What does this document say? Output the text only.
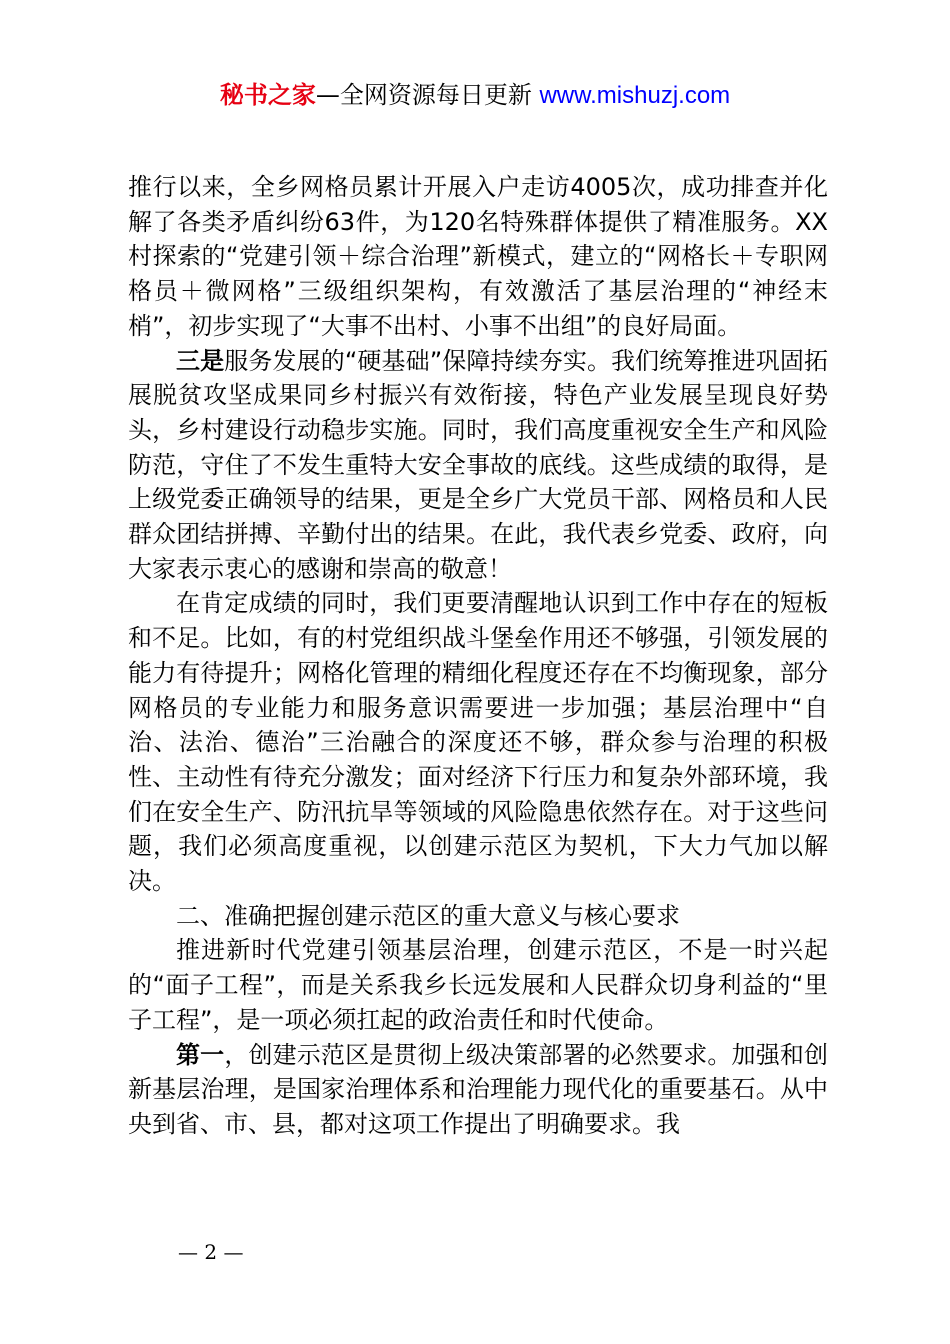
秘书之家—全网资源每日更新 www.mishuzj.com

推行以来，全乡网格员累计开展入户走访4005次，成功排查并化解了各类矛盾纠纷63件，为120名特殊群体提供了精准服务。XX村探索的“党建引领＋综合治理”新模式，建立的“网格长＋专职网格员＋微网格”三级组织架构，有效激活了基层治理的“神经末梢”，初步实现了“大事不出村、小事不出组”的良好局面。

三是服务发展的“硬基础”保障持续夯实。我们统筹推进巩固拓展脱贫攻坚成果同乡村振兴有效衔接，特色产业发展呈现良好势头，乡村建设行动稳步实施。同时，我们高度重视安全生产和风险防范，守住了不发生重特大安全事故的底线。这些成绩的取得，是上级党委正确领导的结果，更是全乡广大党员干部、网格员和人民群众团结拼搏、辛勤付出的结果。在此，我代表乡党委、政府，向大家表示衷心的感谢和崇高的敬意！

在肯定成绩的同时，我们更要清醒地认识到工作中存在的短板和不足。比如，有的村党组织战斗堡垒作用还不够强，引领发展的能力有待提升；网格化管理的精细化程度还存在不均衡现象，部分网格员的专业能力和服务意识需要进一步加强；基层治理中“自治、法治、德治”三治融合的深度还不够，群众参与治理的积极性、主动性有待充分激发；面对经济下行压力和复杂外部环境，我们在安全生产、防汛抗旱等领域的风险隐患依然存在。对于这些问题，我们必须高度重视，以创建示范区为契机，下大力气加以解决。

二、准确把握创建示范区的重大意义与核心要求

推进新时代党建引领基层治理，创建示范区，不是一时兴起的“面子工程”，而是关系我乡长远发展和人民群众切身利益的“里子工程”，是一项必须扛起的政治责任和时代使命。

第一，创建示范区是贯彻上级决策部署的必然要求。加强和创新基层治理，是国家治理体系和治理能力现代化的重要基石。从中央到省、市、县，都对这项工作提出了明确要求。我

— 2 —
